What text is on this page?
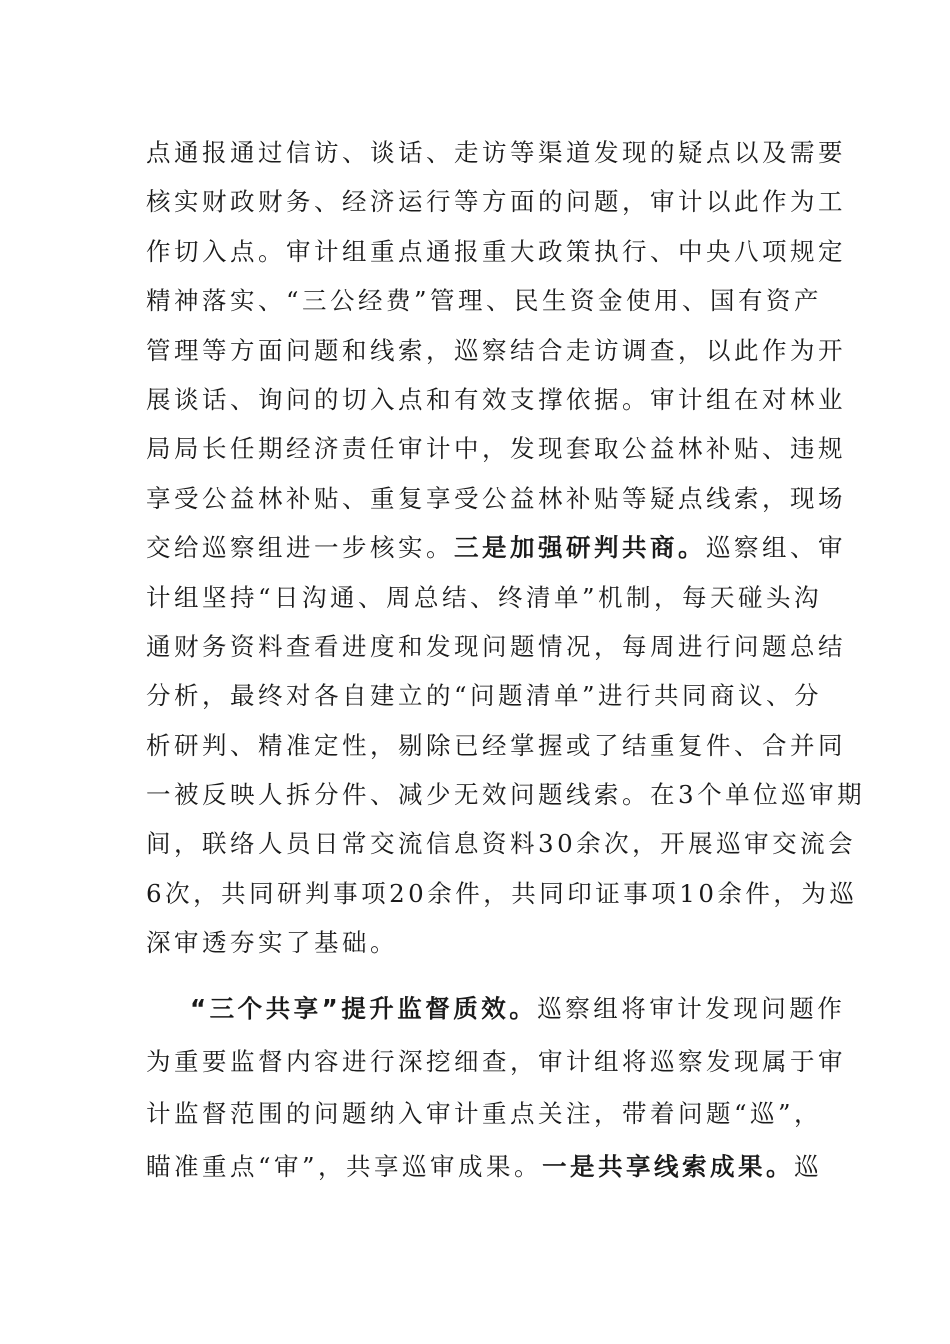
点通报通过信访、谈话、走访等渠道发现的疑点以及需要
核实财政财务、经济运行等方面的问题，审计以此作为工
作切入点。审计组重点通报重大政策执行、中央八项规定
精神落实、“三公经费”管理、民生资金使用、国有资产
管理等方面问题和线索，巡察结合走访调查，以此作为开
展谈话、询问的切入点和有效支撑依据。审计组在对林业
局局长任期经济责任审计中，发现套取公益林补贴、违规
享受公益林补贴、重复享受公益林补贴等疑点线索，现场
交给巡察组进一步核实。三是加强研判共商。巡察组、审
计组坚持“日沟通、周总结、终清单”机制，每天碰头沟
通财务资料查看进度和发现问题情况，每周进行问题总结
分析，最终对各自建立的“问题清单”进行共同商议、分
析研判、精准定性，剔除已经掌握或了结重复件、合并同
一被反映人拆分件、减少无效问题线索。在3个单位巡审期
间，联络人员日常交流信息资料30余次，开展巡审交流会
6次，共同研判事项20余件，共同印证事项10余件，为巡
深审透夯实了基础。
“三个共享”提升监督质效。巡察组将审计发现问题作
为重要监督内容进行深挖细查，审计组将巡察发现属于审
计监督范围的问题纳入审计重点关注，带着问题“巡”，
瞄准重点“审”，共享巡审成果。一是共享线索成果。巡
